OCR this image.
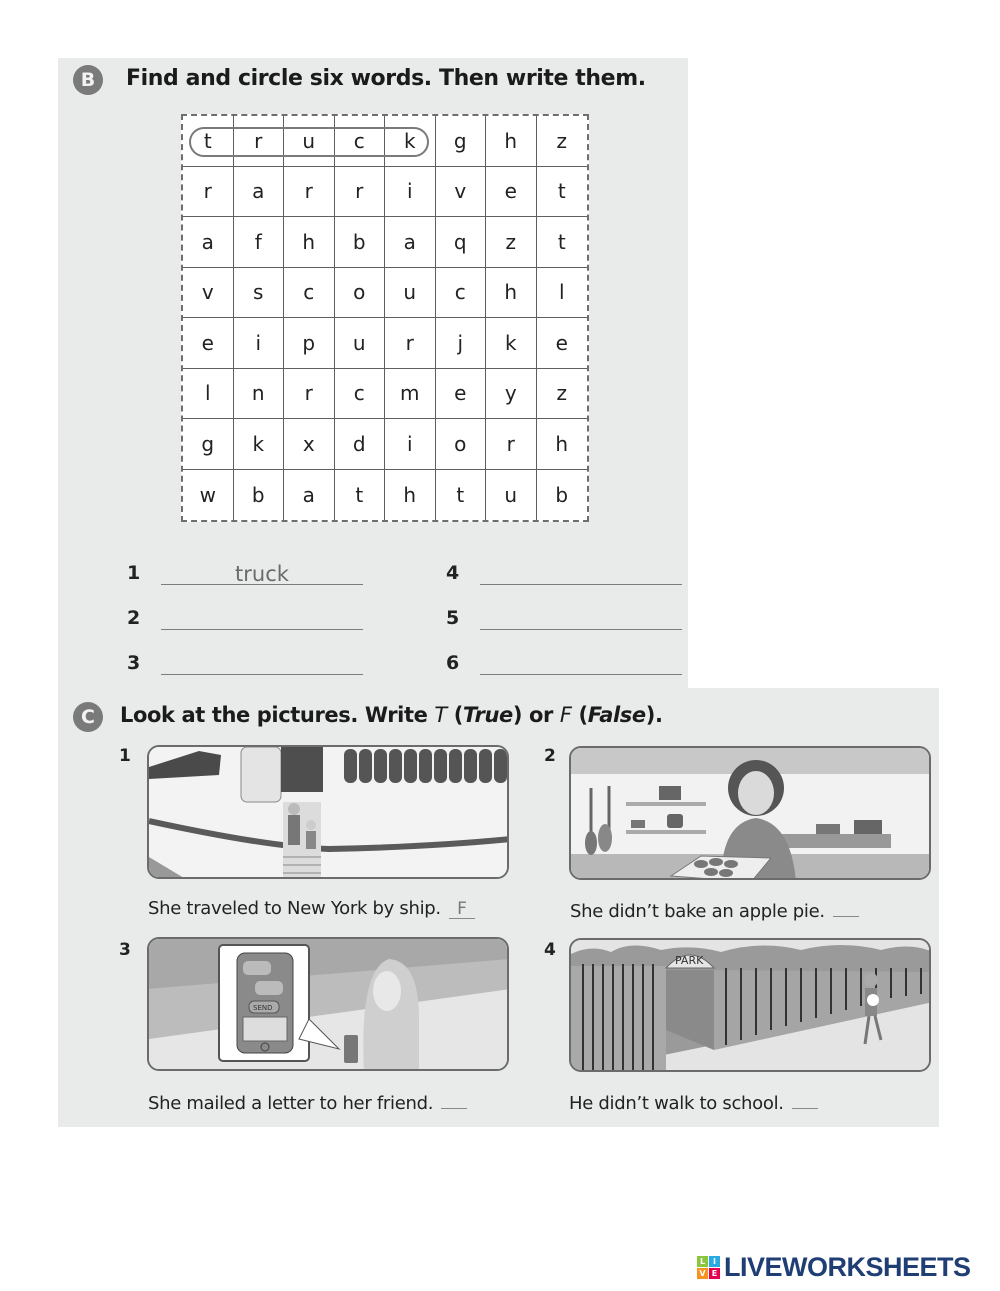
B	Find and circle six words. Then write them.
t	r	u	c	k	g	h	z
r	a	r	r	i	v	e	t
a	f	h	b	a	q	z	t
v	s	c	o	u	c	h	l
e	i	p	u	r	j	k	e
l	n	r	c	m	e	y	z
g	k	x	d	i	o	r	h
w	b	a	t	h	t	u	b
1	truck
2
3
4
5
6
C	Look at the pictures. Write T (True) or F (False).
1
She traveled to New York by ship. F
2
She didn’t bake an apple pie.
3
SEND
She mailed a letter to her friend.
4
PARK
He didn’t walk to school.
L I
V E LIVEWORKSHEETS
